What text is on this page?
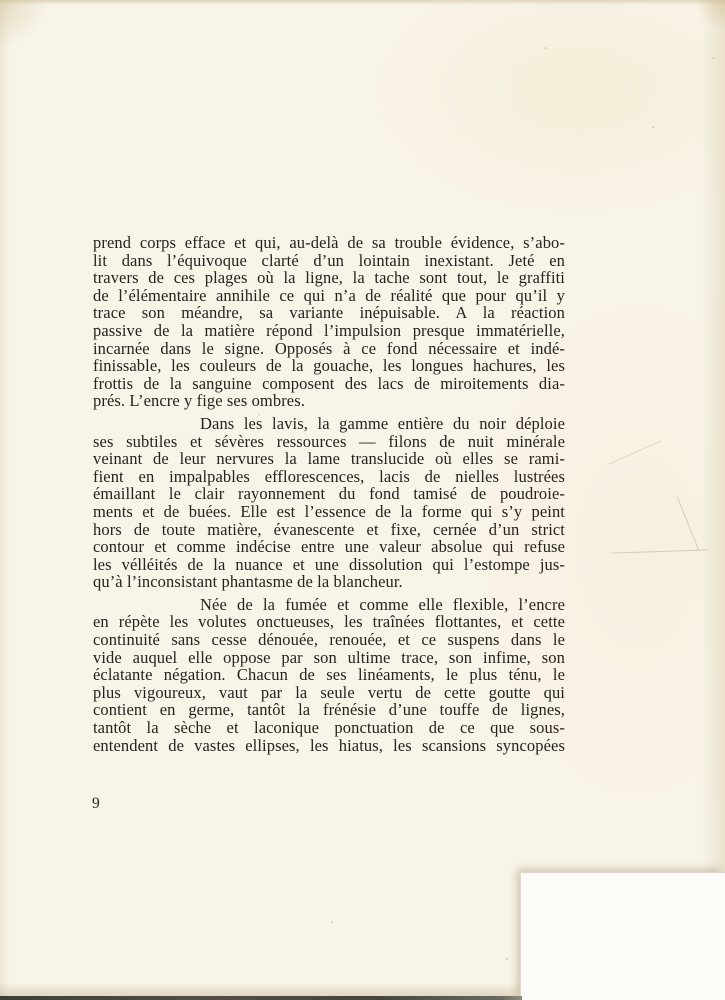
prend corps efface et qui, au-delà de sa trouble évidence, s’abo-
lit dans l’équivoque clarté d’un lointain inexistant. Jeté en
travers de ces plages où la ligne, la tache sont tout, le graffiti
de l’élémentaire annihile ce qui n’a de réalité que pour qu’il y
trace son méandre, sa variante inépuisable. A la réaction
passive de la matière répond l’impulsion presque immatérielle,
incarnée dans le signe. Opposés à ce fond nécessaire et indé-
finissable, les couleurs de la gouache, les longues hachures, les
frottis de la sanguine composent des lacs de miroitements dia-
prés. L’encre y fige ses ombres.
Dans les lavis, la gamme entière du noir déploie
ses subtiles et sévères ressources — filons de nuit minérale
veinant de leur nervures la lame translucide où elles se rami-
fient en impalpables efflorescences, lacis de nielles lustrées
émaillant le clair rayonnement du fond tamisé de poudroie-
ments et de buées. Elle est l’essence de la forme qui s’y peint
hors de toute matière, évanescente et fixe, cernée d’un strict
contour et comme indécise entre une valeur absolue qui refuse
les vélléités de la nuance et une dissolution qui l’estompe jus-
qu’à l’inconsistant phantasme de la blancheur.
Née de la fumée et comme elle flexible, l’encre
en répète les volutes onctueuses, les traînées flottantes, et cette
continuité sans cesse dénouée, renouée, et ce suspens dans le
vide auquel elle oppose par son ultime trace, son infime, son
éclatante négation. Chacun de ses linéaments, le plus ténu, le
plus vigoureux, vaut par la seule vertu de cette goutte qui
contient en germe, tantôt la frénésie d’une touffe de lignes,
tantôt la sèche et laconique ponctuation de ce que sous-
entendent de vastes ellipses, les hiatus, les scansions syncopées
9
